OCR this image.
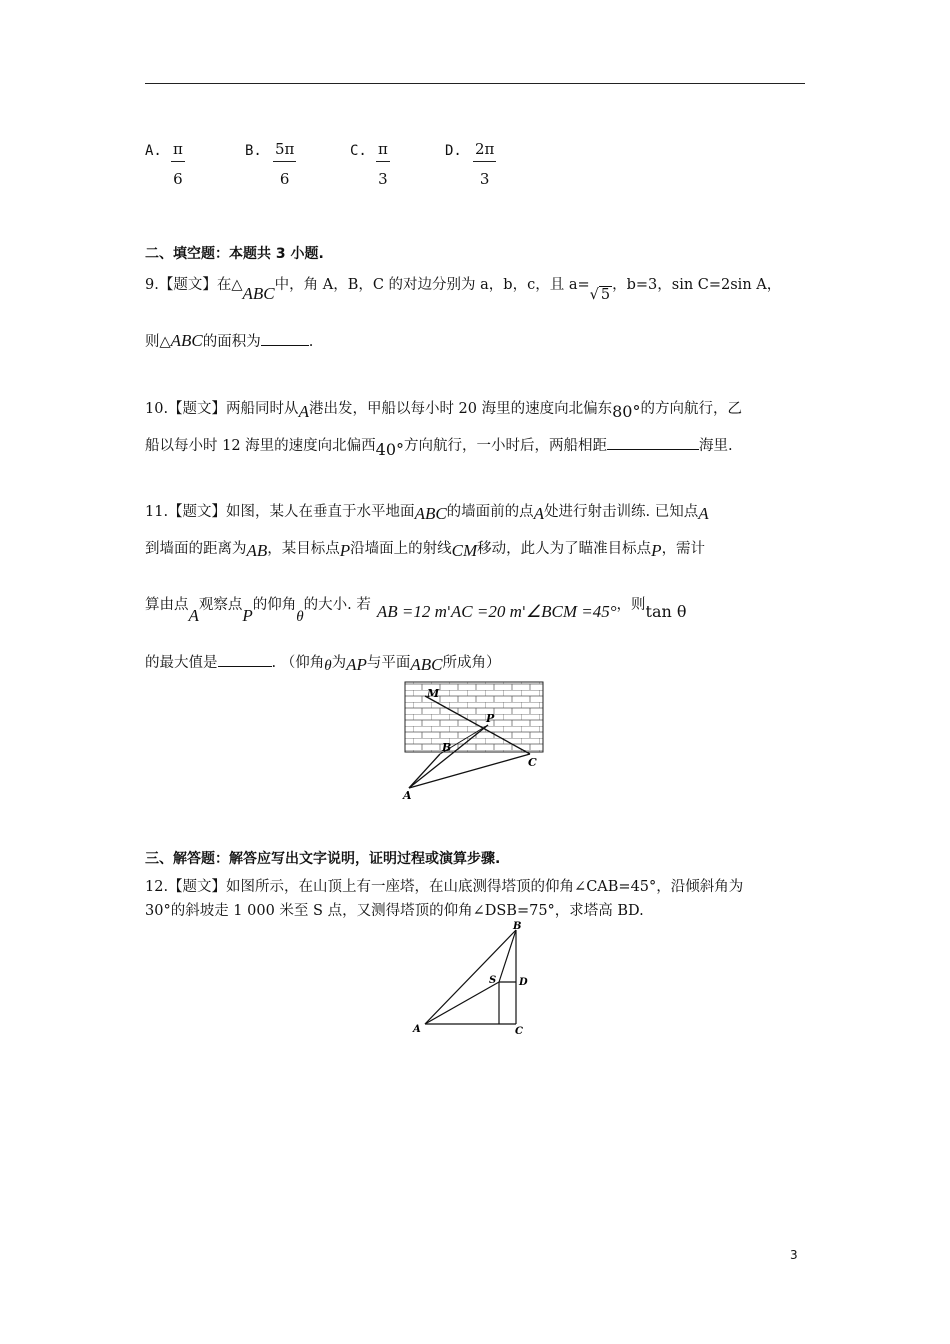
A. $\frac{\pi}{6}$	B. $\frac{5\pi}{6}$	C. $\frac{\pi}{3}$	D. $\frac{2\pi}{3}$
二、填空题：本题共 3 小题.
9.【题文】在△ABC中，角 A，B，C 的对边分别为 a，b，c，且 a=√ 5，b=3，sin C=2sin A，
则△ABC的面积为	.
10.【题文】两船同时从A港出发，甲船以每小时 20 海里的速度向北偏东80°的方向航行，乙
船以每小时 12 海里的速度向北偏西40°方向航行，一小时后，两船相距	海里.
11.【题文】如图，某人在垂直于水平地面ABC的墙面前的点A处进行射击训练. 已知点A
到墙面的距离为AB，某目标点P沿墙面上的射线CM移动，此人为了瞄准目标点P，需计
算由点A观察点P的仰角θ的大小. 若 AB =12 m'AC =20 m'∠BCM =45°，则tan θ
的最大值是	. （仰角θ为AP与平面ABC所成角）
M
P
B
C
A
三、解答题：解答应写出文字说明，证明过程或演算步骤.
12.【题文】如图所示，在山顶上有一座塔，在山底测得塔顶的仰角∠CAB=45°，沿倾斜角为
30°的斜坡走 1 000 米至 S 点，又测得塔顶的仰角∠DSB=75°，求塔高 BD.
B
S D
A	C
3
